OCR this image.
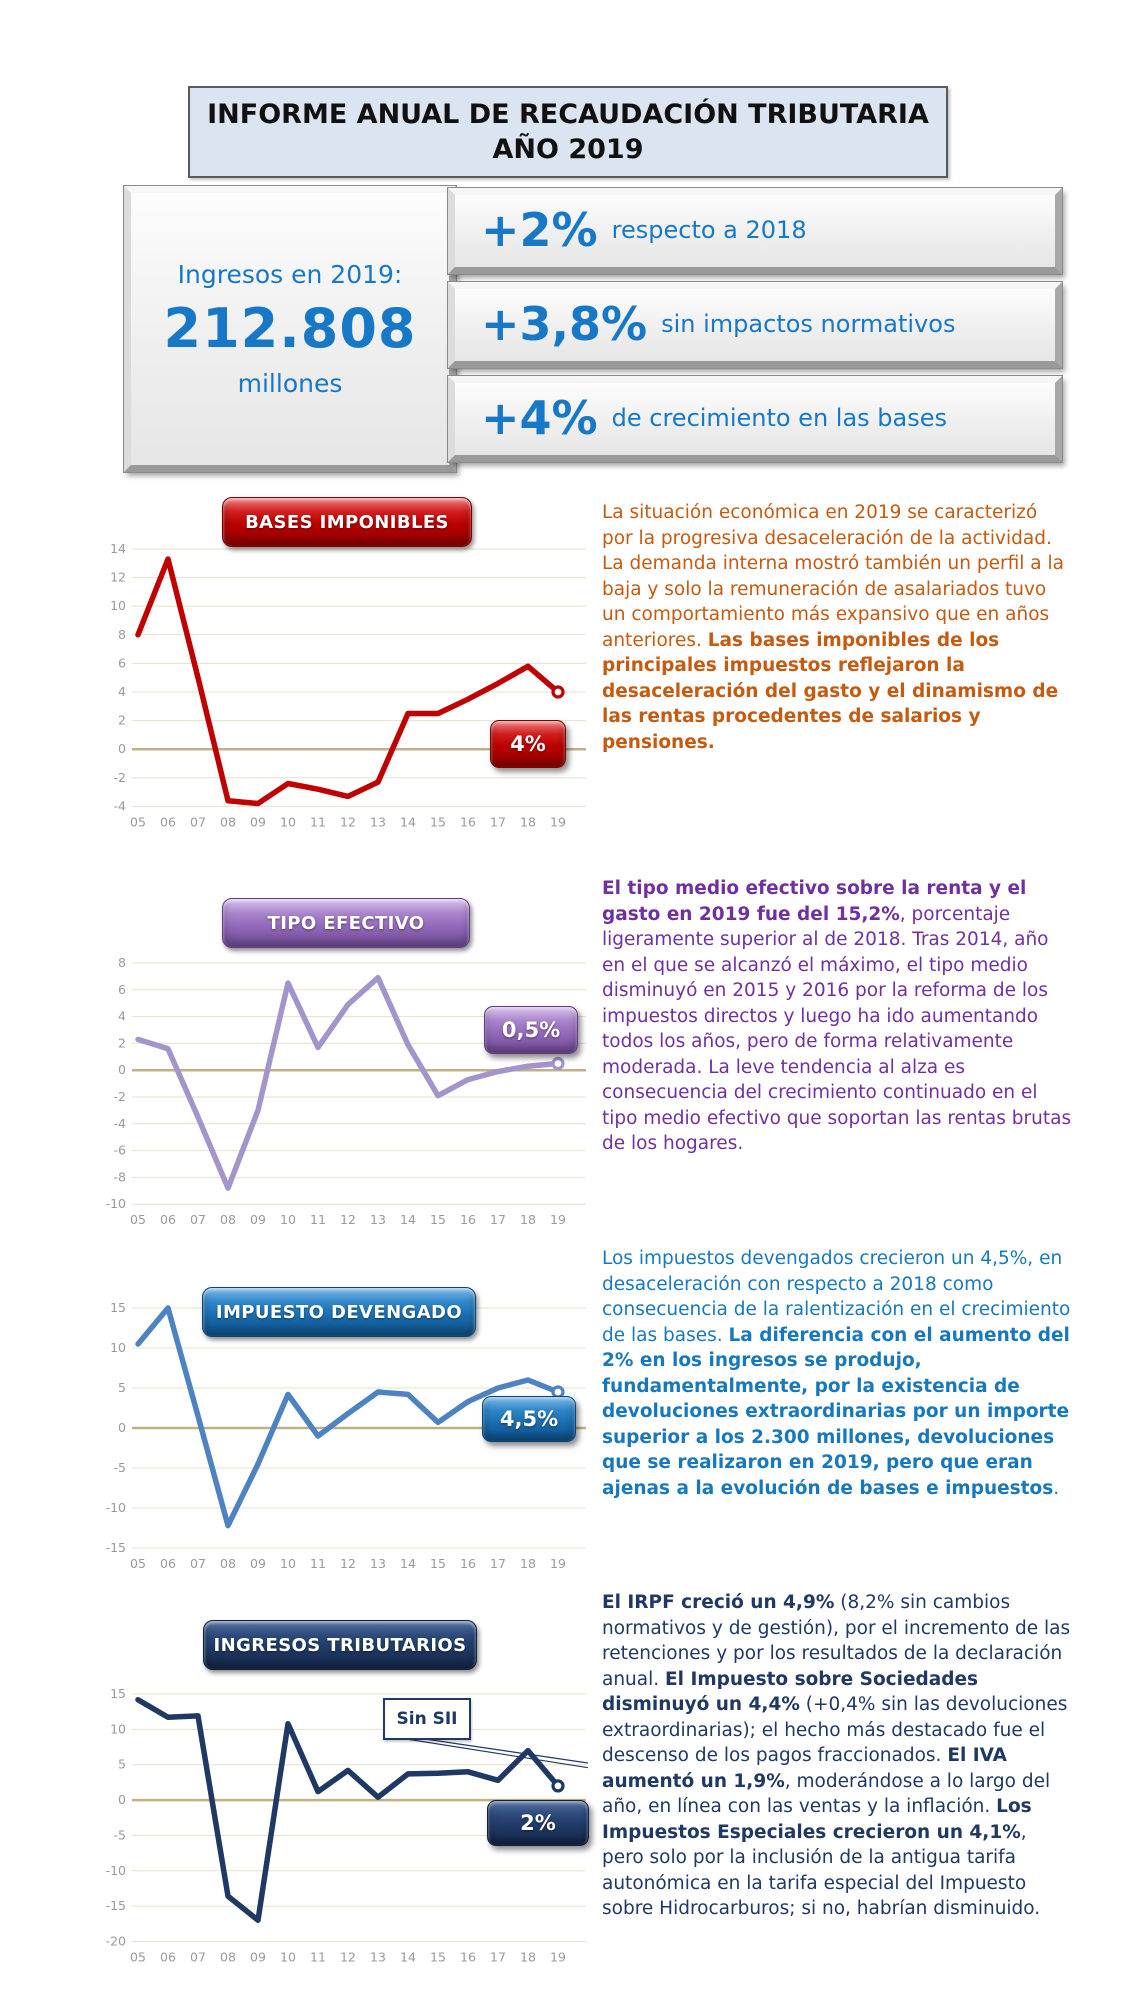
INFORME ANUAL DE RECAUDACIÓN TRIBUTARIA
AÑO 2019
Ingresos en 2019:
212.808
millones
+2% respecto a 2018
+3,8% sin impactos normativos
+4% de crecimiento en las bases
14
12
10
8
6
4
2
0
-2
-4
05 06 07 08 09 10 11 12 13 14 15 16 17 18 19
BASES IMPONIBLES
4%
La situación económica en 2019 se caracterizó por la progresiva desaceleración de la actividad. La demanda interna mostró también un perfil a la baja y solo la remuneración de asalariados tuvo un comportamiento más expansivo que en años anteriores. Las bases imponibles de los principales impuestos reflejaron la desaceleración del gasto y el dinamismo de las rentas procedentes de salarios y pensiones.
8
6
4
2
0
-2
-4
-6
-8
-10
05 06 07 08 09 10 11 12 13 14 15 16 17 18 19
TIPO EFECTIVO
0,5%
El tipo medio efectivo sobre la renta y el gasto en 2019 fue del 15,2%, porcentaje ligeramente superior al de 2018. Tras 2014, año en el que se alcanzó el máximo, el tipo medio disminuyó en 2015 y 2016 por la reforma de los impuestos directos y luego ha ido aumentando todos los años, pero de forma relativamente moderada. La leve tendencia al alza es consecuencia del crecimiento continuado en el tipo medio efectivo que soportan las rentas brutas de los hogares.
15
10
5
0
-5
-10
-15
05 06 07 08 09 10 11 12 13 14 15 16 17 18 19
IMPUESTO DEVENGADO
4,5%
Los impuestos devengados crecieron un 4,5%, en desaceleración con respecto a 2018 como consecuencia de la ralentización en el crecimiento de las bases. La diferencia con el aumento del 2% en los ingresos se produjo, fundamentalmente, por la existencia de devoluciones extraordinarias por un importe superior a los 2.300 millones, devoluciones que se realizaron en 2019, pero que eran ajenas a la evolución de bases e impuestos.
15
10
5
0
-5
-10
-15
-20
05 06 07 08 09 10 11 12 13 14 15 16 17 18 19
INGRESOS TRIBUTARIOS
Sin SII
2%
El IRPF creció un 4,9% (8,2% sin cambios normativos y de gestión), por el incremento de las retenciones y por los resultados de la declaración anual. El Impuesto sobre Sociedades disminuyó un 4,4% (+0,4% sin las devoluciones extraordinarias); el hecho más destacado fue el descenso de los pagos fraccionados. El IVA aumentó un 1,9%, moderándose a lo largo del año, en línea con las ventas y la inflación. Los Impuestos Especiales crecieron un 4,1%, pero solo por la inclusión de la antigua tarifa autonómica en la tarifa especial del Impuesto sobre Hidrocarburos; si no, habrían disminuido.
